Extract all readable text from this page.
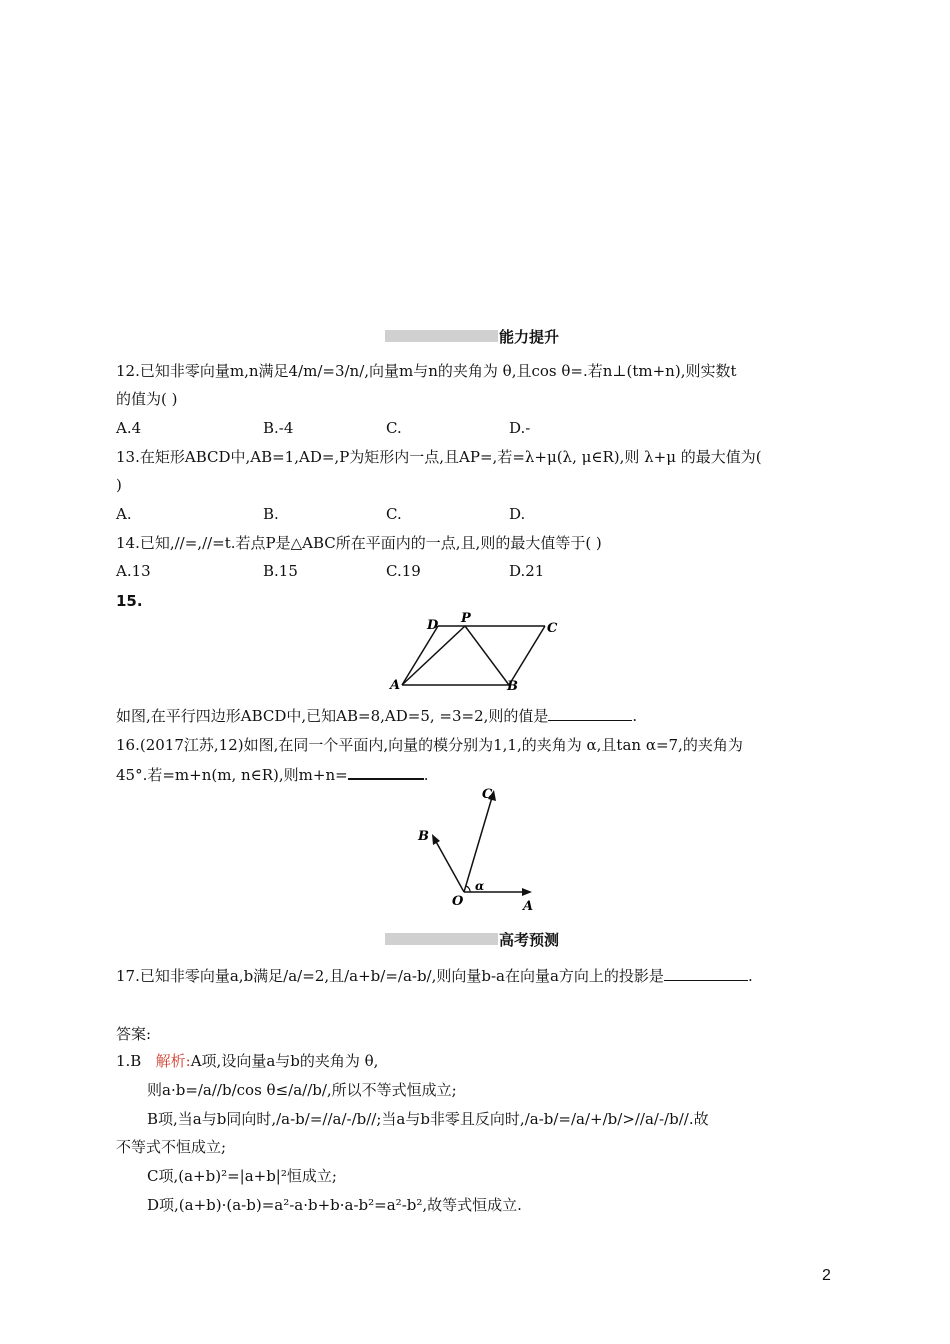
能力提升
12.已知非零向量m,n满足4/m/=3/n/,向量m与n的夹角为 θ,且cos θ=.若n⊥(tm+n),则实数t
的值为( )
A.4	B.-4	C.	D.-
13.在矩形ABCD中,AB=1,AD=,P为矩形内一点,且AP=,若=λ+μ(λ, μ∈R),则 λ+μ 的最大值为(
)
A.	B.	C.	D.
14.已知,//=,//=t.若点P是△ABC所在平面内的一点,且,则的最大值等于( )
A.13	B.15	C.19	D.21
15.
D P
C
A	B
如图,在平行四边形ABCD中,已知AB=8,AD=5, =3=2,则的值是	.
16.(2017江苏,12)如图,在同一个平面内,向量的模分别为1,1,的夹角为 α,且tan α=7,的夹角为
45°.若=m+n(m, n∈R),则m+n=	.
C
B
α
O	A
高考预测
17.已知非零向量a,b满足/a/=2,且/a+b/=/a-b/,则向量b-a在向量a方向上的投影是	.
答案:
1.B 解析:A项,设向量a与b的夹角为 θ,
则a·b=/a//b/cos θ≤/a//b/,所以不等式恒成立;
B项,当a与b同向时,/a-b/=//a/-/b//;当a与b非零且反向时,/a-b/=/a/+/b/>//a/-/b//.故
不等式不恒成立;
C项,(a+b)²=|a+b|²恒成立;
D项,(a+b)·(a-b)=a²-a·b+b·a-b²=a²-b²,故等式恒成立.
2
